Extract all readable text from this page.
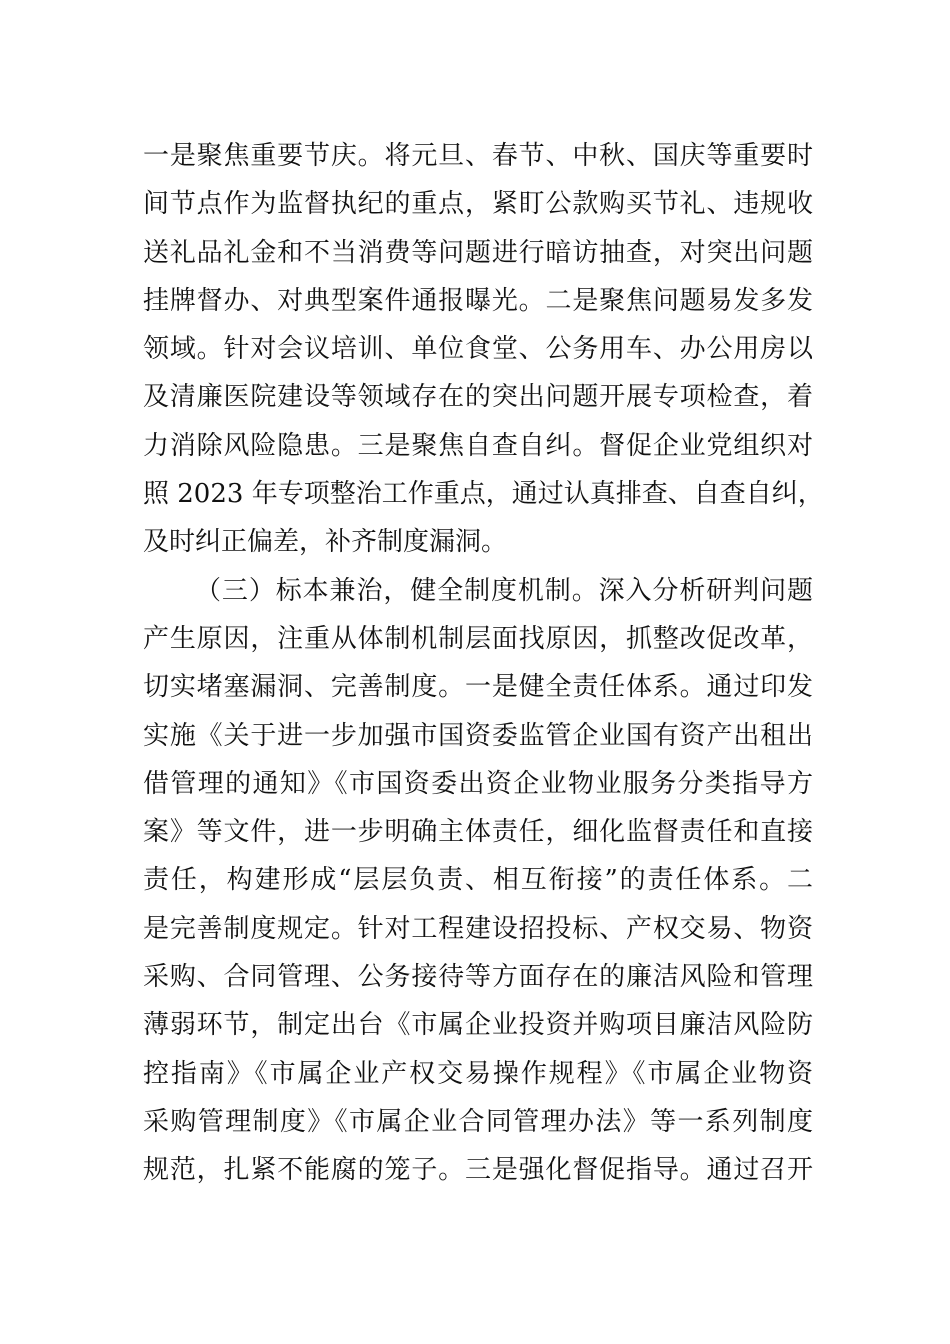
一是聚焦重要节庆。将元旦、春节、中秋、国庆等重要时
间节点作为监督执纪的重点，紧盯公款购买节礼、违规收
送礼品礼金和不当消费等问题进行暗访抽查，对突出问题
挂牌督办、对典型案件通报曝光。二是聚焦问题易发多发
领域。针对会议培训、单位食堂、公务用车、办公用房以
及清廉医院建设等领域存在的突出问题开展专项检查，着
力消除风险隐患。三是聚焦自查自纠。督促企业党组织对
照 2023 年专项整治工作重点，通过认真排查、自查自纠，
及时纠正偏差，补齐制度漏洞。
（三）标本兼治，健全制度机制。深入分析研判问题
产生原因，注重从体制机制层面找原因，抓整改促改革，
切实堵塞漏洞、完善制度。一是健全责任体系。通过印发
实施《关于进一步加强市国资委监管企业国有资产出租出
借管理的通知》《市国资委出资企业物业服务分类指导方
案》等文件，进一步明确主体责任，细化监督责任和直接
责任，构建形成“层层负责、相互衔接”的责任体系。二
是完善制度规定。针对工程建设招投标、产权交易、物资
采购、合同管理、公务接待等方面存在的廉洁风险和管理
薄弱环节，制定出台《市属企业投资并购项目廉洁风险防
控指南》《市属企业产权交易操作规程》《市属企业物资
采购管理制度》《市属企业合同管理办法》等一系列制度
规范，扎紧不能腐的笼子。三是强化督促指导。通过召开
